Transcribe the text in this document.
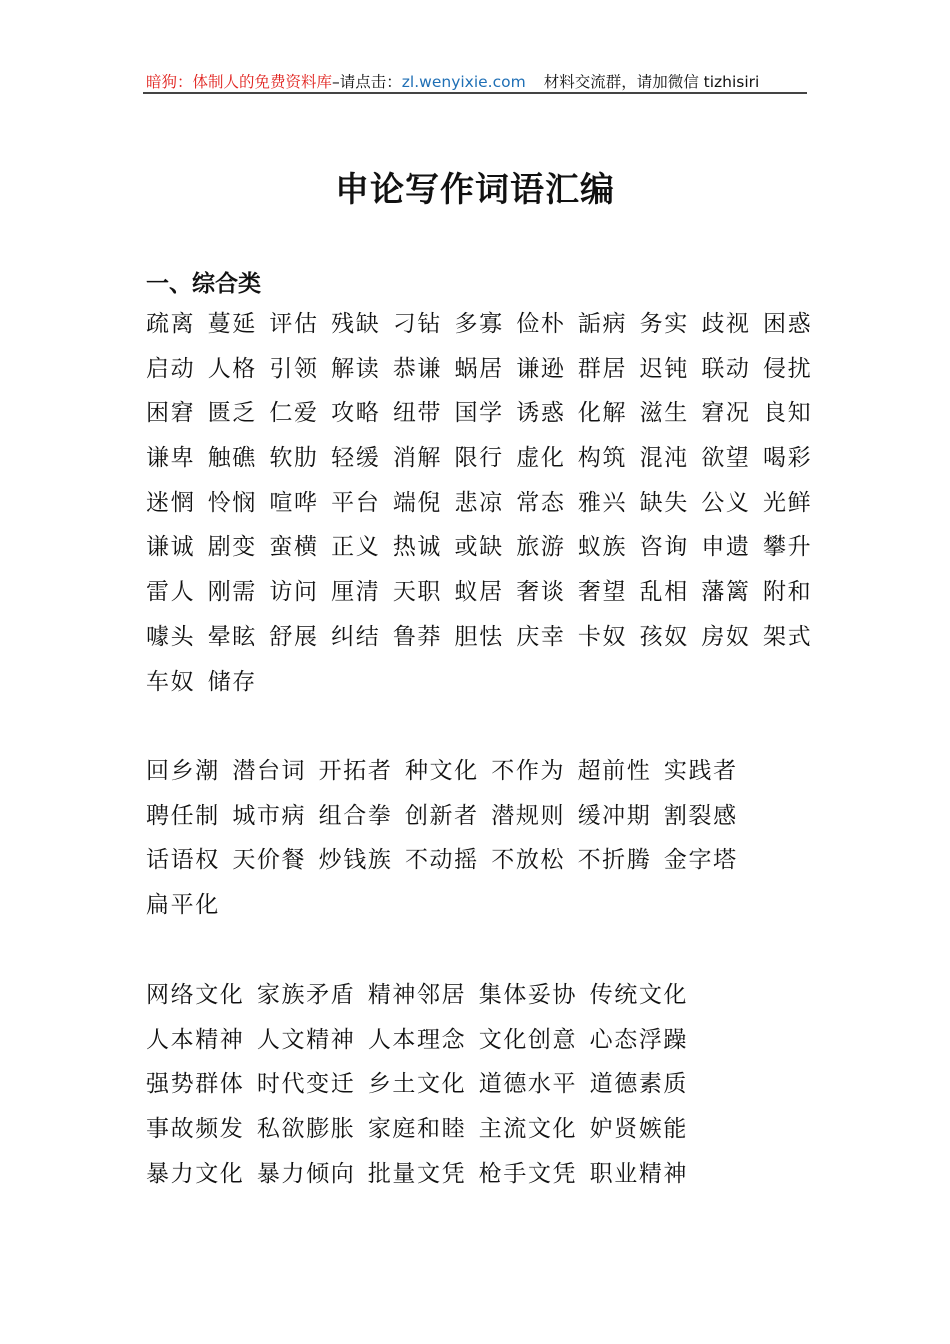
暗狗：体制人的免费资料库–请点击：zl.wenyixie.com 材料交流群，请加微信 tizhisiri
申论写作词语汇编
一、综合类
疏离 蔓延 评估 残缺 刁钻 多寡 俭朴 詬病 务实 歧视 困惑
启动 人格 引领 解读 恭谦 蜗居 谦逊 群居 迟钝 联动 侵扰
困窘 匮乏 仁爱 攻略 纽带 国学 诱惑 化解 滋生 窘况 良知
谦卑 触礁 软肋 轻缓 消解 限行 虚化 构筑 混沌 欲望 喝彩
迷惘 怜悯 喧哗 平台 端倪 悲凉 常态 雅兴 缺失 公义 光鲜
谦诚 剧变 蛮横 正义 热诚 或缺 旅游 蚁族 咨询 申遗 攀升
雷人 刚需 访问 厘清 天职 蚁居 奢谈 奢望 乱相 藩篱 附和
噱头 晕眩 舒展 纠结 鲁莽 胆怯 庆幸 卡奴 孩奴 房奴 架式
车奴 储存
回乡潮 潜台词 开拓者 种文化 不作为 超前性 实践者
聘任制 城市病 组合拳 创新者 潜规则 缓冲期 割裂感
话语权 天价餐 炒钱族 不动摇 不放松 不折腾 金字塔
扁平化
网络文化 家族矛盾 精神邻居 集体妥协 传统文化
人本精神 人文精神 人本理念 文化创意 心态浮躁
强势群体 时代变迁 乡土文化 道德水平 道德素质
事故频发 私欲膨胀 家庭和睦 主流文化 妒贤嫉能
暴力文化 暴力倾向 批量文凭 枪手文凭 职业精神
